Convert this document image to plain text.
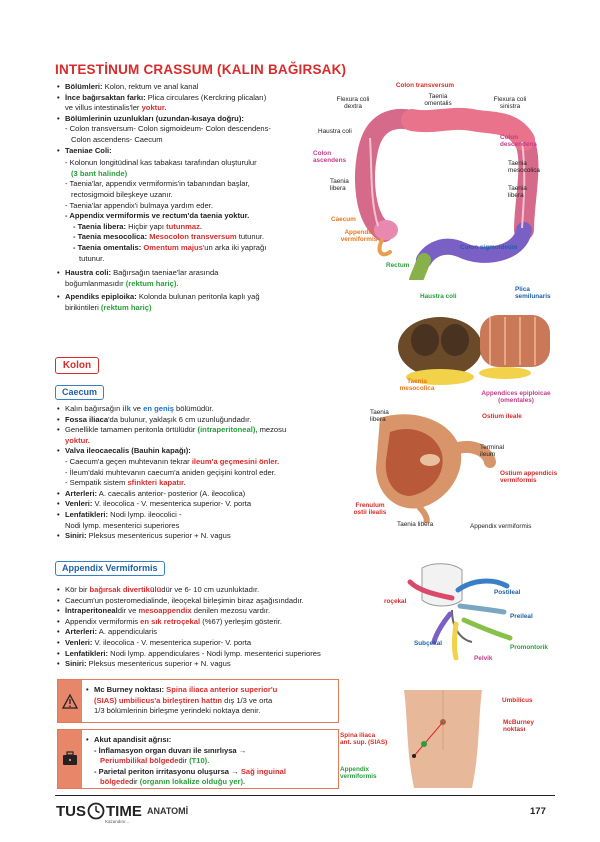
INTESTİNUM CRASSUM (KALIN BAĞIRSAK)
• Bölümleri: Kolon, rektum ve anal kanal
• İnce bağırsaktan farkı: Plica circulares (Kerckring plicaları)
ve villus intestinalis'ler yoktur.
• Bölümlerinin uzunlukları (uzundan-kısaya doğru):
- Colon transversum- Colon sigmoideum- Colon descendens-
Colon ascendens- Caecum
• Taeniae Coli:
- Kolonun longitüdinal kas tabakası tarafından oluşturulur
(3 bant halinde)
- Taenia'lar, appendix vermiformis'in tabanından başlar,
rectosigmoid bileşkeye uzanır.
- Taenia'lar appendix'i bulmaya yardım eder.
- Appendix vermiformis ve rectum'da taenia yoktur.
- Taenia libera: Hiçbir yapı tutunmaz.
- Taenia mesocolica: Mesocolon transversum tutunur.
- Taenia omentalis: Omentum majus'un arka iki yaprağı
tutunur.
• Haustra coli: Bağırsağın taeniae'lar arasında
boğumlanmasıdır (rektum hariç).
• Apendiks epiploika: Kolonda bulunan peritonla kaplı yağ
birikintileri (rektum hariç)
Kolon
Caecum
• Kalın bağırsağın ilk ve en geniş bölümüdür.
• Fossa iliaca'da bulunur, yaklaşık 6 cm uzunluğundadır.
• Genellikle tamamen peritonla örtülüdür (intraperitoneal), mezosu
yoktur.
• Valva ileocaecalis (Bauhin kapağı):
- Caecum'a geçen muhtevanın tekrar ileum'a geçmesini önler.
- İleum'daki muhtevanın caecum'a aniden geçişini kontrol eder.
- Sempatik sistem sfinkteri kapatır.
• Arterleri: A. caecalis anterior- posterior (A. ileocolica)
• Venleri: V. ileocolica - V. mesenterica superior- V. porta
• Lenfatikleri: Nodi lymp. ileocolici -
Nodi lymp. mesenterici superiores
• Siniri: Pleksus mesentericus superior + N. vagus
Appendix Vermiformis
• Kör bir bağırsak divertikülüdür ve 6- 10 cm uzunluktadır.
• Caecum'un posteromedialinde, ileoçekal birleşimin biraz aşağısındadır.
• İntraperitonealdir ve mesoappendix denilen mezosu vardır.
• Appendix vermiformis en sık retroçekal (%67) yerleşim gösterir.
• Arterleri: A. appendicularis
• Venleri: V. ileocolica - V. mesenterica superior- V. porta
• Lenfatikleri: Nodi lymp. appendiculares - Nodi lymp. mesenterici superiores
• Siniri: Pleksus mesentericus superior + N. vagus
• Mc Burney noktası: Spina iliaca anterior superior'u
(SIAS) umbilicus'a birleştiren hattın dış 1/3 ve orta
1/3 bölümlerinin birleşme yerindeki noktaya denir.
• Akut apandisit ağrısı:
- İnflamasyon organ duvarı ile sınırlıysa →
Periumbilikal bölgededir (T10).
- Parietal periton irritasyonu oluşursa → Sağ inguinal
bölgededir (organın lokalize olduğu yer).
Colon transversum
Taenia omentalis
Flexura coli dextra
Flexura coli sinistra
Haustra coli
Colon ascendens
Colon descendens
Taenia libera
Taenia mesocolica
Taenia libera
Caecum
Appendix vermiformis
Colon sigmoideum
Rectum
Haustra coli
Plica semilunaris
Taenia mesocolica
Appendices epiploicae (omentales)
Taenia libera	Ostium ileale
Terminal ileum
Ostium appendicis vermiformis
Frenulum ostii ilealis
Taenia libera	Appendix vermiformis
Postileal
roçekal
Preileal
Subçekal
Promontorik
Pelvik
Umbilicus
Spina iliaca ant. sup. (SIAS)
McBurney noktası
Appendix vermiformis
TUS TIME
Kazandırır...
ANATOMİ	177
